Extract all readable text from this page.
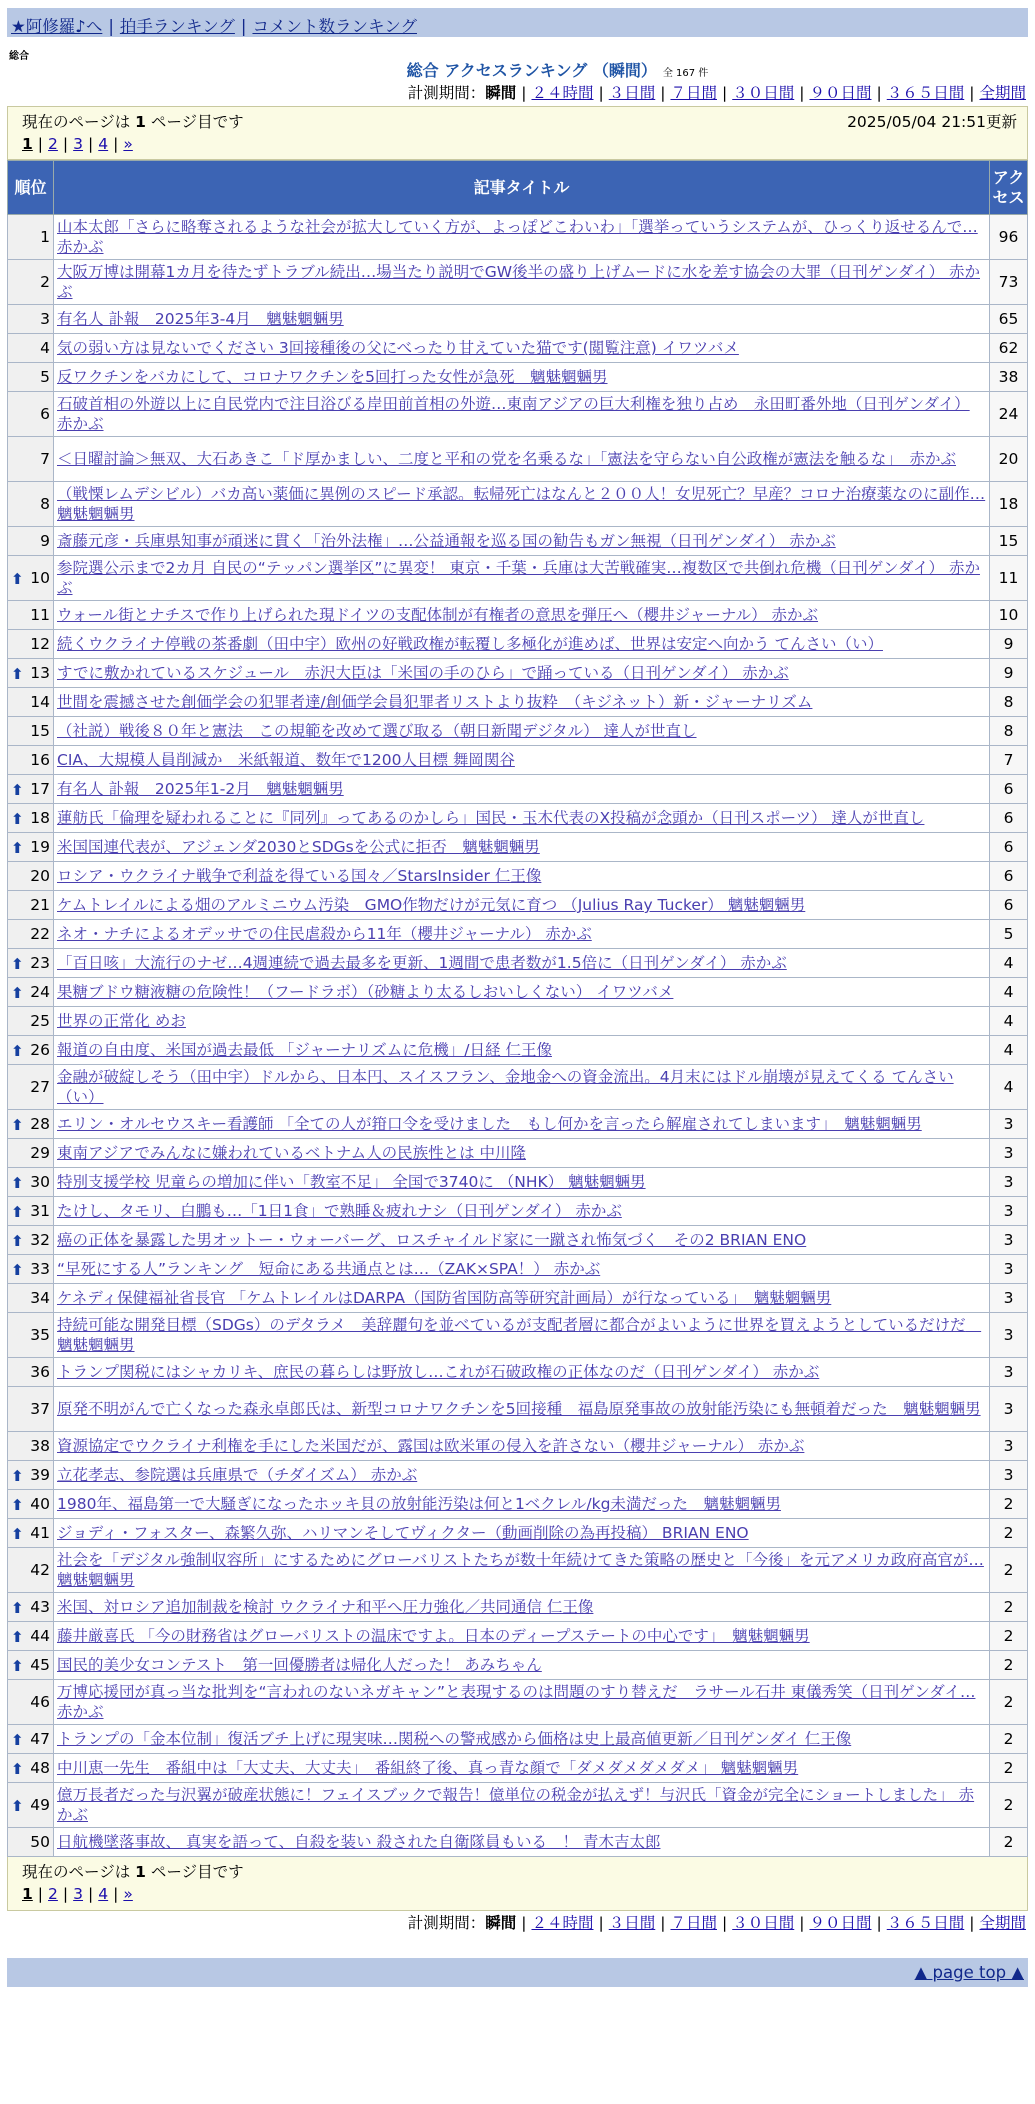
★阿修羅♪へ | 拍手ランキング | コメント数ランキング
総合
総合 アクセスランキング （瞬間） 全 167 件
計測期間：瞬間 | ２４時間 | ３日間 | ７日間 | ３０日間 | ９０日間 | ３６５日間 | 全期間
現在のページは 1 ページ目です	2025/05/04 21:51更新
1 | 2 | 3 | 4 | »
順位	記事タイトル	アクセス
1	山本太郎「さらに略奪されるような社会が拡大していく方が、よっぽどこわいわ」「選挙っていうシステムが、ひっくり返せるんで… 赤かぶ	96
2	大阪万博は開幕1カ月を待たずトラブル続出…場当たり説明でGW後半の盛り上げムードに水を差す協会の大罪（日刊ゲンダイ） 赤かぶ	73
3	有名人 訃報　2025年3-4月　魑魅魍魎男	65
4	気の弱い方は見ないでください 3回接種後の父にべったり甘えていた猫です(閲覧注意) イワツバメ	62
5	反ワクチンをバカにして、コロナワクチンを5回打った女性が急死　魑魅魍魎男	38
6	石破首相の外遊以上に自民党内で注目浴びる岸田前首相の外遊…東南アジアの巨大利権を独り占め　永田町番外地（日刊ゲンダイ） 赤かぶ	24
7	＜日曜討論＞無双、大石あきこ「ド厚かましい、二度と平和の党を名乗るな」「憲法を守らない自公政権が憲法を触るな」　赤かぶ	20
8	（戦慄レムデシビル）バカ高い薬価に異例のスピード承認。転帰死亡はなんと２００人！女児死亡？早産？コロナ治療薬なのに副作… 魑魅魍魎男	18
9	斎藤元彦・兵庫県知事が頑迷に貫く「治外法権」…公益通報を巡る国の勧告もガン無視（日刊ゲンダイ） 赤かぶ	15

⬆ 10	参院選公示まで2カ月 自民の“テッパン選挙区”に異変！ 東京・千葉・兵庫は大苦戦確実…複数区で共倒れ危機（日刊ゲンダイ） 赤かぶ	11
11	ウォール街とナチスで作り上げられた現ドイツの支配体制が有権者の意思を弾圧へ（櫻井ジャーナル） 赤かぶ	10
12	続くウクライナ停戦の茶番劇（田中宇）欧州の好戦政権が転覆し多極化が進めば、世界は安定へ向かう てんさい（い）	9

⬆ 13	すでに敷かれているスケジュール　赤沢大臣は「米国の手のひら」で踊っている（日刊ゲンダイ） 赤かぶ	9
14	世間を震撼させた創価学会の犯罪者達/創価学会員犯罪者リストより抜粋　（キジネット）新・ジャーナリズム	8
15	（社説）戦後８０年と憲法　この規範を改めて選び取る（朝日新聞デジタル） 達人が世直し	8
16	CIA、大規模人員削減か　米紙報道、数年で1200人目標 舞岡関谷	7

⬆ 17	有名人 訃報　2025年1-2月　魑魅魍魎男	6

⬆ 18	蓮舫氏「倫理を疑われることに『同列』ってあるのかしら」国民・玉木代表のX投稿が念頭か（日刊スポーツ） 達人が世直し	6

⬆ 19	米国国連代表が、アジェンダ2030とSDGsを公式に拒否　魑魅魍魎男	6
20	ロシア・ウクライナ戦争で利益を得ている国々／StarsInsider 仁王像	6
21	ケムトレイルによる畑のアルミニウム汚染　GMO作物だけが元気に育つ （Julius Ray Tucker） 魑魅魍魎男	6
22	ネオ・ナチによるオデッサでの住民虐殺から11年（櫻井ジャーナル） 赤かぶ	5

⬆ 23	「百日咳」大流行のナゼ…4週連続で過去最多を更新、1週間で患者数が1.5倍に（日刊ゲンダイ） 赤かぶ	4

⬆ 24	果糖ブドウ糖液糖の危険性！（フードラボ）（砂糖より太るしおいしくない） イワツバメ	4
25	世界の正常化 めお	4

⬆ 26	報道の自由度、米国が過去最低 「ジャーナリズムに危機」/日経 仁王像	4
27	金融が破綻しそう（田中宇）ドルから、日本円、スイスフラン、金地金への資金流出。4月末にはドル崩壊が見えてくる てんさい（い）	4

⬆ 28	エリン・オルセウスキー看護師 「全ての人が箝口令を受けました　もし何かを言ったら解雇されてしまいます」　魑魅魍魎男	3
29	東南アジアでみんなに嫌われているベトナム人の民族性とは 中川隆	3

⬆ 30	特別支援学校 児童らの増加に伴い「教室不足」 全国で3740に （NHK） 魑魅魍魎男	3

⬆ 31	たけし、タモリ、白鵬も…「1日1食」で熟睡＆疲れナシ（日刊ゲンダイ） 赤かぶ	3

⬆ 32	癌の正体を暴露した男オットー・ウォーバーグ、ロスチャイルド家に一蹴され怖気づく　その2 BRIAN ENO	3

⬆ 33	“早死にする人”ランキング　短命にある共通点とは…（ZAK×SPA！） 赤かぶ	3
34	ケネディ保健福祉省長官 「ケムトレイルはDARPA（国防省国防高等研究計画局）が行なっている」　魑魅魍魎男	3
35	持続可能な開発目標（SDGs）のデタラメ　美辞麗句を並べているが支配者層に都合がよいように世界を買えようとしているだけだ　魑魅魍魎男	3
36	トランプ関税にはシャカリキ、庶民の暮らしは野放し…これが石破政権の正体なのだ（日刊ゲンダイ） 赤かぶ	3
37	原発不明がんで亡くなった森永卓郎氏は、新型コロナワクチンを5回接種　福島原発事故の放射能汚染にも無頓着だった　魑魅魍魎男	3
38	資源協定でウクライナ利権を手にした米国だが、露国は欧米軍の侵入を許さない（櫻井ジャーナル） 赤かぶ	3

⬆ 39	立花孝志、参院選は兵庫県で（チダイズム） 赤かぶ	3

⬆ 40	1980年、福島第一で大騒ぎになったホッキ貝の放射能汚染は何と1ベクレル/kg未満だった　魑魅魍魎男	2

⬆ 41	ジョディ・フォスター、森繁久弥、ハリマンそしてヴィクター（動画削除の為再投稿） BRIAN ENO	2
42	社会を「デジタル強制収容所」にするためにグローバリストたちが数十年続けてきた策略の歴史と「今後」を元アメリカ政府高官が… 魑魅魍魎男	2

⬆ 43	米国、対ロシア追加制裁を検討 ウクライナ和平へ圧力強化／共同通信 仁王像	2

⬆ 44	藤井厳喜氏 「今の財務省はグローバリストの温床ですよ。日本のディープステートの中心です」　魑魅魍魎男	2

⬆ 45	国民的美少女コンテスト　第一回優勝者は帰化人だった！ あみちゃん	2
46	万博応援団が真っ当な批判を“言われのないネガキャン”と表現するのは問題のすり替えだ　ラサール石井 東儀秀笑（日刊ゲンダイ… 赤かぶ	2

⬆ 47	トランプの「金本位制」復活ブチ上げに現実味…関税への警戒感から価格は史上最高値更新／日刊ゲンダイ 仁王像	2

⬆ 48	中川恵一先生　番組中は「大丈夫、大丈夫」　番組終了後、真っ青な顔で「ダメダメダメダメ」 魑魅魍魎男	2

⬆ 49	億万長者だった与沢翼が破産状態に！フェイスブックで報告！億単位の税金が払えず！与沢氏「資金が完全にショートしました」 赤かぶ	2
50	日航機墜落事故、 真実を語って、自殺を装い 殺された自衛隊員もいる　！ 青木吉太郎	2
現在のページは 1 ページ目です
1 | 2 | 3 | 4 | »
計測期間：瞬間 | ２４時間 | ３日間 | ７日間 | ３０日間 | ９０日間 | ３６５日間 | 全期間
▲ page top ▲
